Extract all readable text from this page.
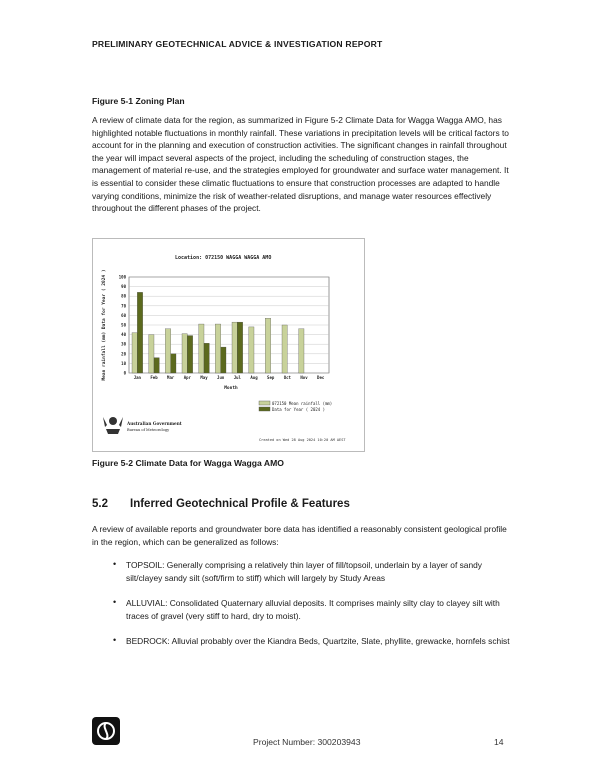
PRELIMINARY GEOTECHNICAL ADVICE & INVESTIGATION REPORT
Figure 5-1 Zoning Plan
A review of climate data for the region, as summarized in Figure 5-2 Climate Data for Wagga Wagga AMO, has highlighted notable fluctuations in monthly rainfall. These variations in precipitation levels will be critical factors to account for in the planning and execution of construction activities. The significant changes in rainfall throughout the year will impact several aspects of the project, including the scheduling of construction stages, the management of material re-use, and the strategies employed for groundwater and surface water management. It is essential to consider these climatic fluctuations to ensure that construction processes are adapted to handle varying conditions, minimize the risk of weather-related disruptions, and manage water resources effectively throughout the different phases of the project.
Location: 072150 WAGGA WAGGA AMO
0
10
20
30
40
50
60
70
80
90
100
Jan Feb Mar Apr May Jun Jul Aug Sep Oct Nov Dec
Month
Mean rainfall (mm) Data for Year ( 2024 )
072150 Mean rainfall (mm)
Data for Year ( 2024 )
Australian Government
Bureau of Meteorology
Created on Wed 28 Aug 2024 10:20 AM AEST
Figure 5-2 Climate Data for Wagga Wagga AMO
5.2 Inferred Geotechnical Profile & Features
A review of available reports and groundwater bore data has identified a reasonably consistent geological profile in the region, which can be generalized as follows:
• TOPSOIL: Generally comprising a relatively thin layer of fill/topsoil, underlain by a layer of sandy silt/clayey sandy silt (soft/firm to stiff) which will largely by Study Areas
• ALLUVIAL: Consolidated Quaternary alluvial deposits. It comprises mainly silty clay to clayey silt with traces of gravel (very stiff to hard, dry to moist).
• BEDROCK: Alluvial probably over the Kiandra Beds, Quartzite, Slate, phyllite, grewacke, hornfels schist
Project Number: 300203943	14
